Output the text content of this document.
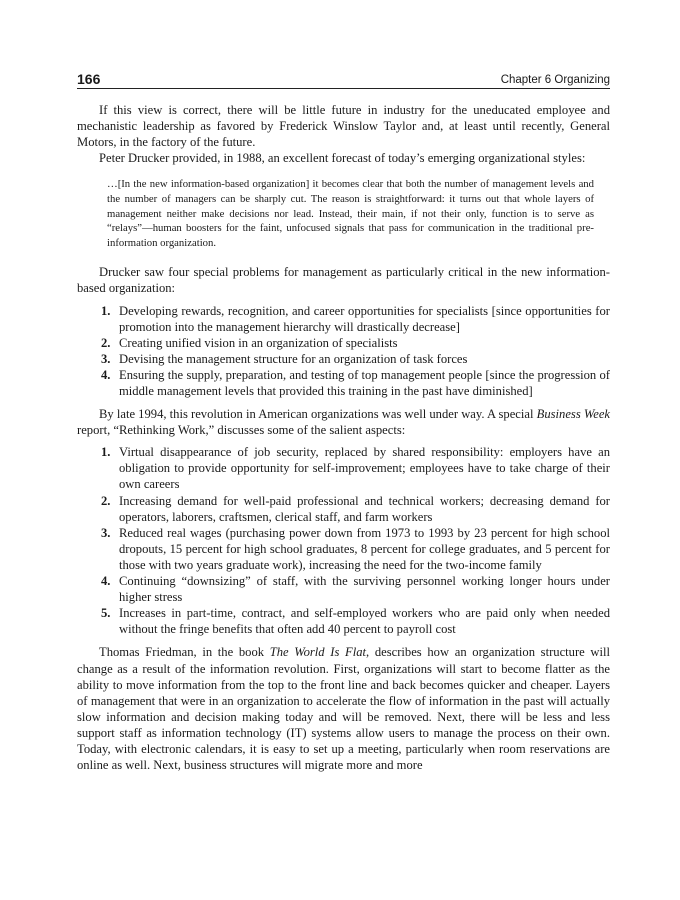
166	Chapter 6 Organizing

If this view is correct, there will be little future in industry for the uneducated employee and mechanistic leadership as favored by Frederick Winslow Taylor and, at least until recently, General Motors, in the factory of the future.

Peter Drucker provided, in 1988, an excellent forecast of today’s emerging organizational styles:

…[In the new information-based organization] it becomes clear that both the number of management levels and the number of managers can be sharply cut. The reason is straightforward: it turns out that whole layers of management neither make decisions nor lead. Instead, their main, if not their only, function is to serve as “relays”—human boosters for the faint, unfocused signals that pass for communication in the traditional pre-information organization.

Drucker saw four special problems for management as particularly critical in the new information-based organization:

1. Developing rewards, recognition, and career opportunities for specialists [since opportunities for promotion into the management hierarchy will drastically decrease]
2. Creating unified vision in an organization of specialists
3. Devising the management structure for an organization of task forces
4. Ensuring the supply, preparation, and testing of top management people [since the progression of middle management levels that provided this training in the past have diminished]

By late 1994, this revolution in American organizations was well under way. A special Business Week report, “Rethinking Work,” discusses some of the salient aspects:

1. Virtual disappearance of job security, replaced by shared responsibility: employers have an obligation to provide opportunity for self-improvement; employees have to take charge of their own careers
2. Increasing demand for well-paid professional and technical workers; decreasing demand for operators, laborers, craftsmen, clerical staff, and farm workers
3. Reduced real wages (purchasing power down from 1973 to 1993 by 23 percent for high school dropouts, 15 percent for high school graduates, 8 percent for college graduates, and 5 percent for those with two years graduate work), increasing the need for the two-income family
4. Continuing “downsizing” of staff, with the surviving personnel working longer hours under higher stress
5. Increases in part-time, contract, and self-employed workers who are paid only when needed without the fringe benefits that often add 40 percent to payroll cost

Thomas Friedman, in the book The World Is Flat, describes how an organization structure will change as a result of the information revolution. First, organizations will start to become flatter as the ability to move information from the top to the front line and back becomes quicker and cheaper. Layers of management that were in an organization to accelerate the flow of information in the past will actually slow information and decision making today and will be removed. Next, there will be less and less support staff as information technology (IT) systems allow users to manage the process on their own. Today, with electronic calendars, it is easy to set up a meeting, particularly when room reservations are online as well. Next, business structures will migrate more and more
